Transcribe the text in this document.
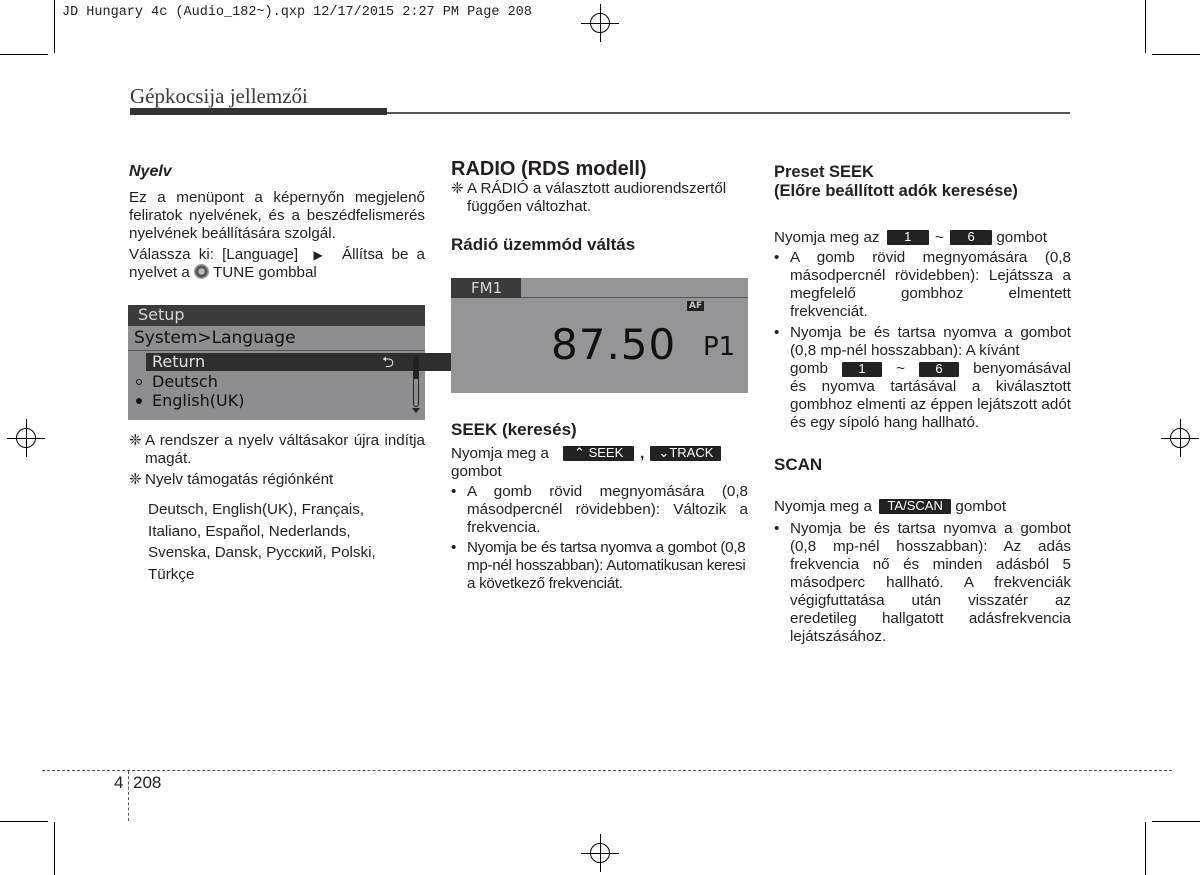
JD Hungary 4c (Audio_182~).qxp 12/17/2015 2:27 PM Page 208
Gépkocsija jellemzői
Nyelv
Ez a menüpont a képernyőn megjelenő feliratok nyelvének, és a beszédfelismerés nyelvének beállítására szolgál.
Válassza ki: [Language]  ▶  Állítsa be a nyelvet a TUNE gombbal
Setup
System>Language
Return	⮌
Deutsch
English(UK)
❈ A rendszer a nyelv váltásakor újra indítja magát.
❈ Nyelv támogatás régiónként
Deutsch, English(UK), Français, Italiano, Español, Nederlands, Svenska, Dansk, Русский, Polski, Türkçe
RADIO (RDS modell)
❈ A RÁDIÓ a választott audiorendszertől függően változhat.
Rádió üzemmód váltás
FM1
AF
87.50 P1
SEEK (keresés)
Nyomja meg a ⌃ SEEK , ⌄TRACK
gombot
• A gomb rövid megnyomására (0,8 másodpercnél rövidebben): Változik a frekvencia.
• Nyomja be és tartsa nyomva a gombot (0,8 mp-nél hosszabban): Automatikusan keresi a következő frekvenciát.
Preset SEEK
(Előre beállított adók keresése)
Nyomja meg az 1 ~ 6 gombot
• A gomb rövid megnyomására (0,8 másodpercnél rövidebben): Lejátssza a megfelelő gombhoz elmentett frekvenciát.
• Nyomja be és tartsa nyomva a gombot (0,8 mp-nél hosszabban): A kívánt
gomb	1	~	6	benyomásával
és nyomva tartásával a kiválasztott gombhoz elmenti az éppen lejátszott adót és egy sípoló hang hallható.
SCAN
Nyomja meg a TA/SCAN gombot
• Nyomja be és tartsa nyomva a gombot (0,8 mp-nél hosszabban): Az adás frekvencia nő és minden adásból 5 másodperc hallható. A frekvenciák végigfuttatása után visszatér az eredetileg hallgatott adásfrekvencia lejátszásához.
4 208
